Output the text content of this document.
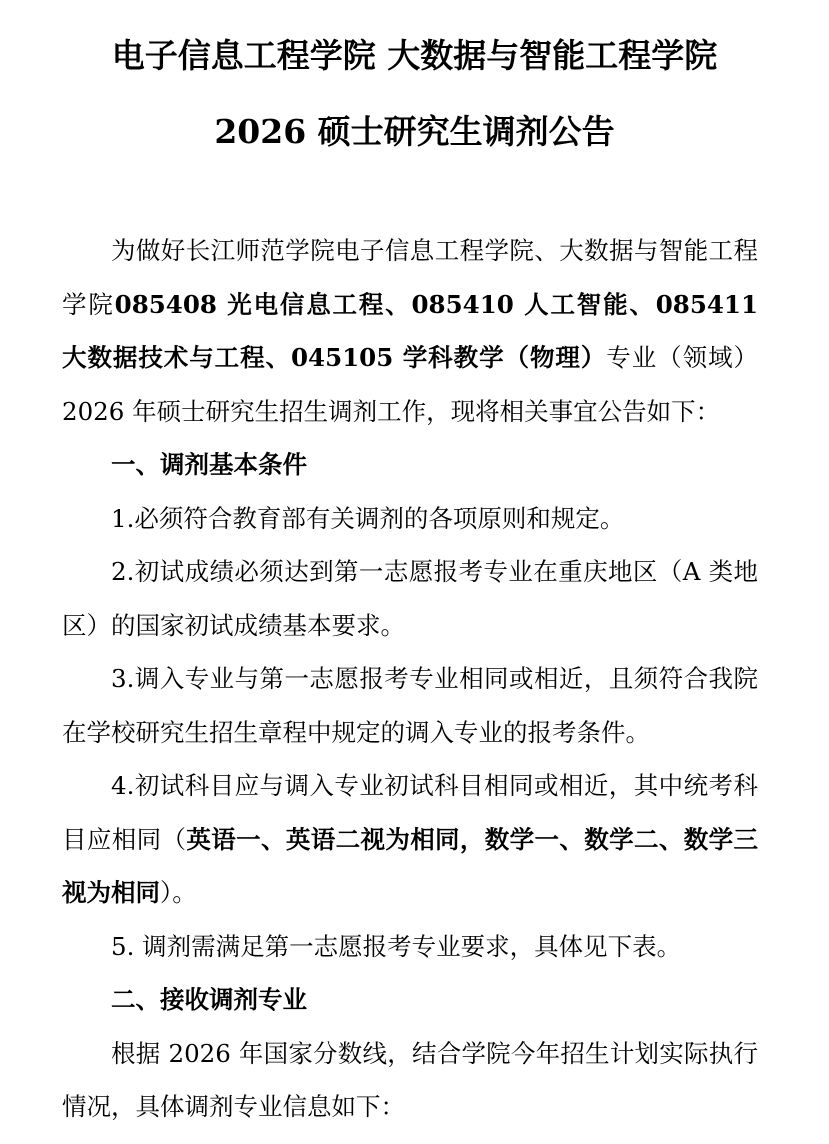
电子信息工程学院 大数据与智能工程学院
2026 硕士研究生调剂公告

为做好长江师范学院电子信息工程学院、大数据与智能工程学院085408 光电信息工程、085410 人工智能、085411 大数据技术与工程、045105 学科教学（物理）专业（领域）2026 年硕士研究生招生调剂工作，现将相关事宜公告如下：

一、调剂基本条件

1.必须符合教育部有关调剂的各项原则和规定。

2.初试成绩必须达到第一志愿报考专业在重庆地区（A 类地区）的国家初试成绩基本要求。

3.调入专业与第一志愿报考专业相同或相近，且须符合我院在学校研究生招生章程中规定的调入专业的报考条件。

4.初试科目应与调入专业初试科目相同或相近，其中统考科目应相同（英语一、英语二视为相同，数学一、数学二、数学三视为相同）。

5. 调剂需满足第一志愿报考专业要求，具体见下表。

二、接收调剂专业

根据 2026 年国家分数线，结合学院今年招生计划实际执行情况，具体调剂专业信息如下：
